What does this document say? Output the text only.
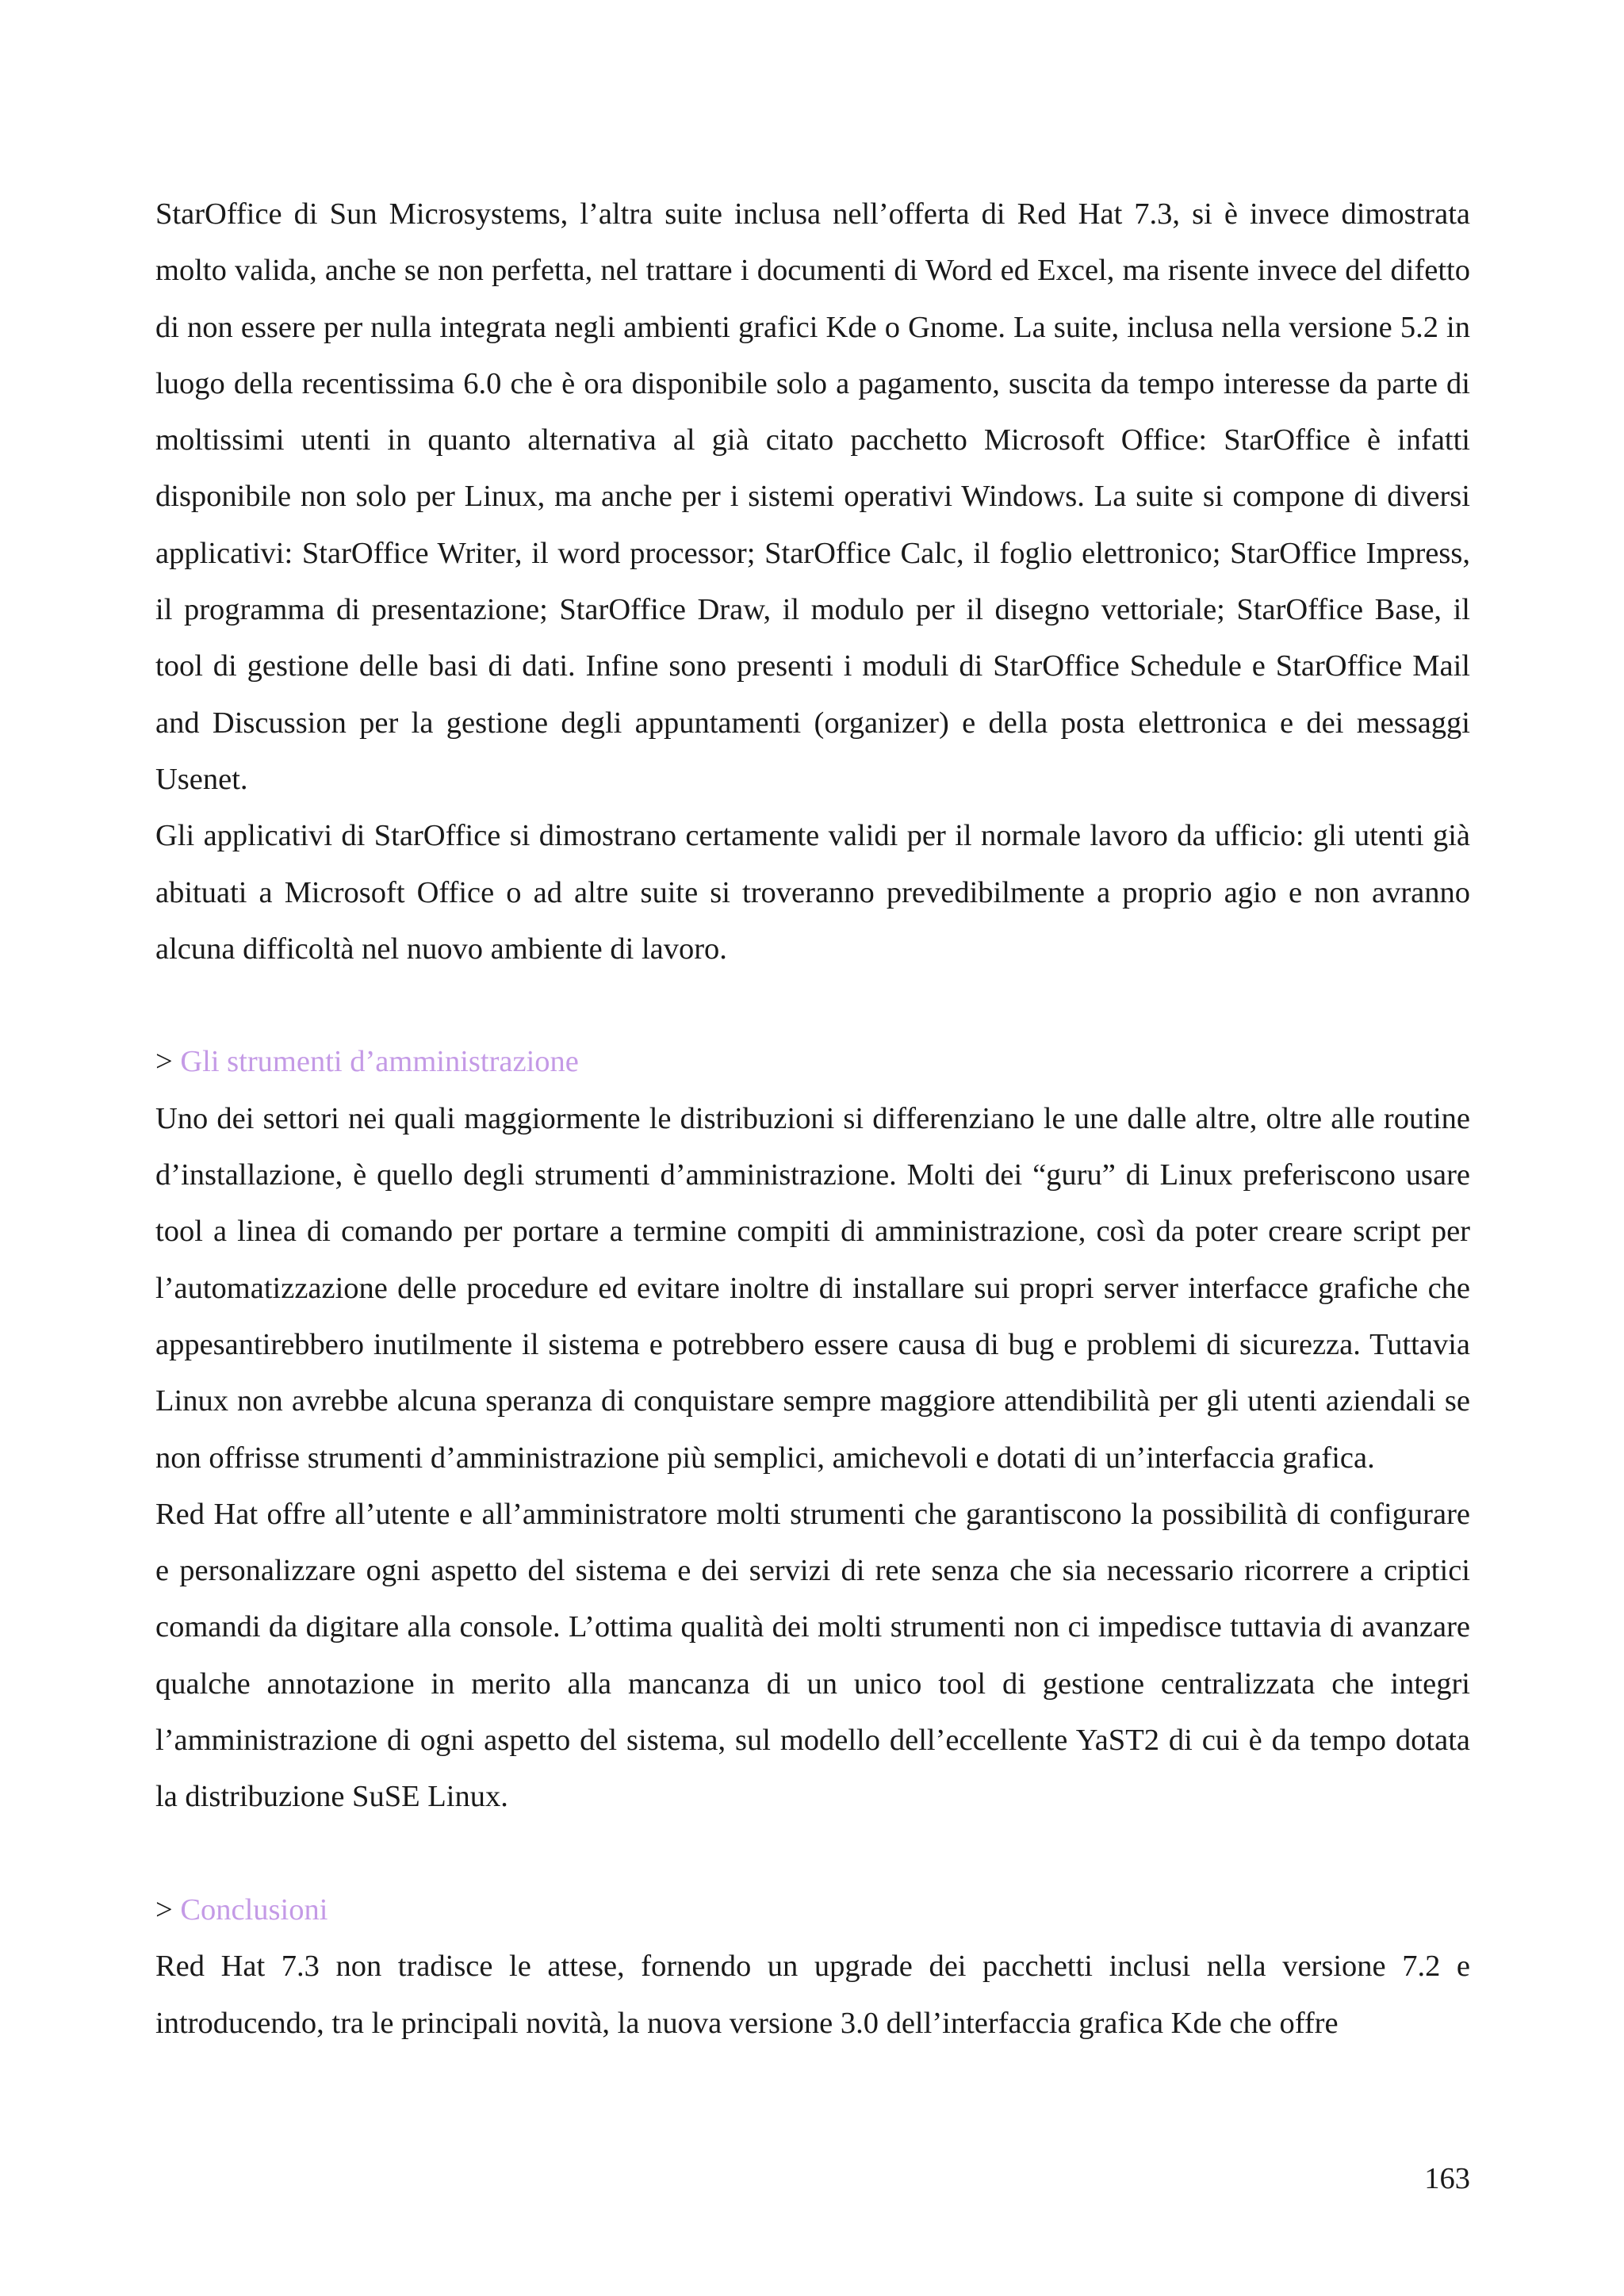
StarOffice di Sun Microsystems, l’altra suite inclusa nell’offerta di Red Hat 7.3, si è invece dimostrata molto valida, anche se non perfetta, nel trattare i documenti di Word ed Excel, ma risente invece del difetto di non essere per nulla integrata negli ambienti grafici Kde o Gnome. La suite, inclusa nella versione 5.2 in luogo della recentissima 6.0 che è ora disponibile solo a pagamento, suscita da tempo interesse da parte di moltissimi utenti in quanto alternativa al già citato pacchetto Microsoft Office: StarOffice è infatti disponibile non solo per Linux, ma anche per i sistemi operativi Windows. La suite si compone di diversi applicativi: StarOffice Writer, il word processor; StarOffice Calc, il foglio elettronico; StarOffice Impress, il programma di presentazione; StarOffice Draw, il modulo per il disegno vettoriale; StarOffice Base, il tool di gestione delle basi di dati. Infine sono presenti i moduli di StarOffice Schedule e StarOffice Mail and Discussion per la gestione degli appuntamenti (organizer) e della posta elettronica e dei messaggi Usenet.

Gli applicativi di StarOffice si dimostrano certamente validi per il normale lavoro da ufficio: gli utenti già abituati a Microsoft Office o ad altre suite si troveranno prevedibilmente a proprio agio e non avranno alcuna difficoltà nel nuovo ambiente di lavoro.

> Gli strumenti d’amministrazione

Uno dei settori nei quali maggiormente le distribuzioni si differenziano le une dalle altre, oltre alle routine d’installazione, è quello degli strumenti d’amministrazione. Molti dei “guru” di Linux preferiscono usare tool a linea di comando per portare a termine compiti di amministrazione, così da poter creare script per l’automatizzazione delle procedure ed evitare inoltre di installare sui propri server interfacce grafiche che appesantirebbero inutilmente il sistema e potrebbero essere causa di bug e problemi di sicurezza. Tuttavia Linux non avrebbe alcuna speranza di conquistare sempre maggiore attendibilità per gli utenti aziendali se non offrisse strumenti d’amministrazione più semplici, amichevoli e dotati di un’interfaccia grafica.

Red Hat offre all’utente e all’amministratore molti strumenti che garantiscono la possibilità di configurare e personalizzare ogni aspetto del sistema e dei servizi di rete senza che sia necessario ricorrere a criptici comandi da digitare alla console. L’ottima qualità dei molti strumenti non ci impedisce tuttavia di avanzare qualche annotazione in merito alla mancanza di un unico tool di gestione centralizzata che integri l’amministrazione di ogni aspetto del sistema, sul modello dell’eccellente YaST2 di cui è da tempo dotata la distribuzione SuSE Linux.

> Conclusioni

Red Hat 7.3 non tradisce le attese, fornendo un upgrade dei pacchetti inclusi nella versione 7.2 e introducendo, tra le principali novità, la nuova versione 3.0 dell’interfaccia grafica Kde che offre

163
